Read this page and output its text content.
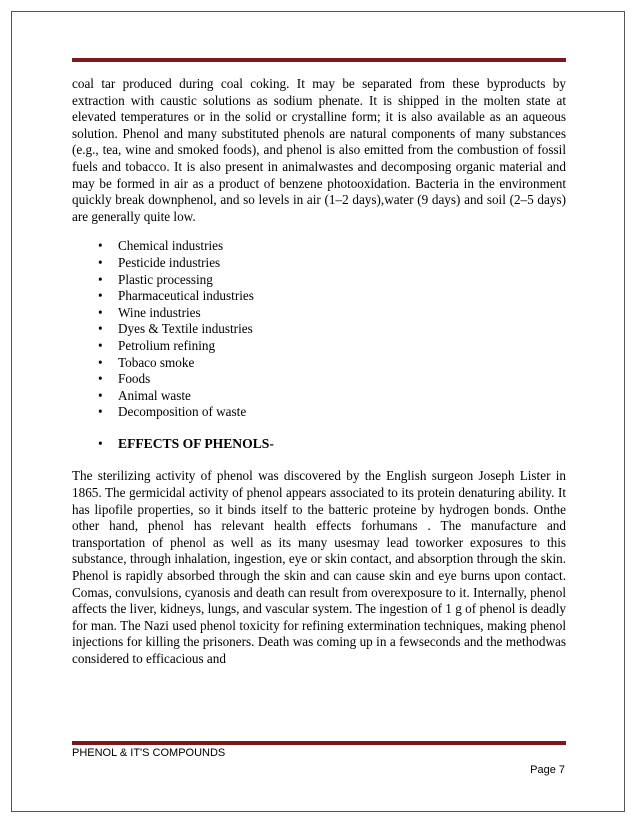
coal tar produced during coal coking. It may be separated from these byproducts by extraction with caustic solutions as sodium phenate. It is shipped in the molten state at elevated temperatures or in the solid or crystalline form; it is also available as an aqueous solution. Phenol and many substituted phenols are natural components of many substances (e.g., tea, wine and smoked foods), and phenol is also emitted from the combustion of fossil fuels and tobacco. It is also present in animalwastes and decomposing organic material and may be formed in air as a product of benzene photooxidation. Bacteria in the environment quickly break downphenol, and so levels in air (1–2 days),water (9 days) and soil (2–5 days) are generally quite low.

• Chemical industries
• Pesticide industries
• Plastic processing
• Pharmaceutical industries
• Wine industries
• Dyes & Textile industries
• Petrolium refining
• Tobaco smoke
• Foods
• Animal waste
• Decomposition of waste
• EFFECTS OF PHENOLS-

The sterilizing activity of phenol was discovered by the English surgeon Joseph Lister in 1865. The germicidal activity of phenol appears associated to its protein denaturing ability. It has lipofile properties, so it binds itself to the batteric proteine by hydrogen bonds. Onthe other hand, phenol has relevant health effects forhumans . The manufacture and transportation of phenol as well as its many usesmay lead toworker exposures to this substance, through inhalation, ingestion, eye or skin contact, and absorption through the skin. Phenol is rapidly absorbed through the skin and can cause skin and eye burns upon contact. Comas, convulsions, cyanosis and death can result from overexposure to it. Internally, phenol affects the liver, kidneys, lungs, and vascular system. The ingestion of 1 g of phenol is deadly for man. The Nazi used phenol toxicity for refining extermination techniques, making phenol injections for killing the prisoners. Death was coming up in a fewseconds and the methodwas considered to efficacious and

PHENOL & IT'S COMPOUNDS
Page 7
